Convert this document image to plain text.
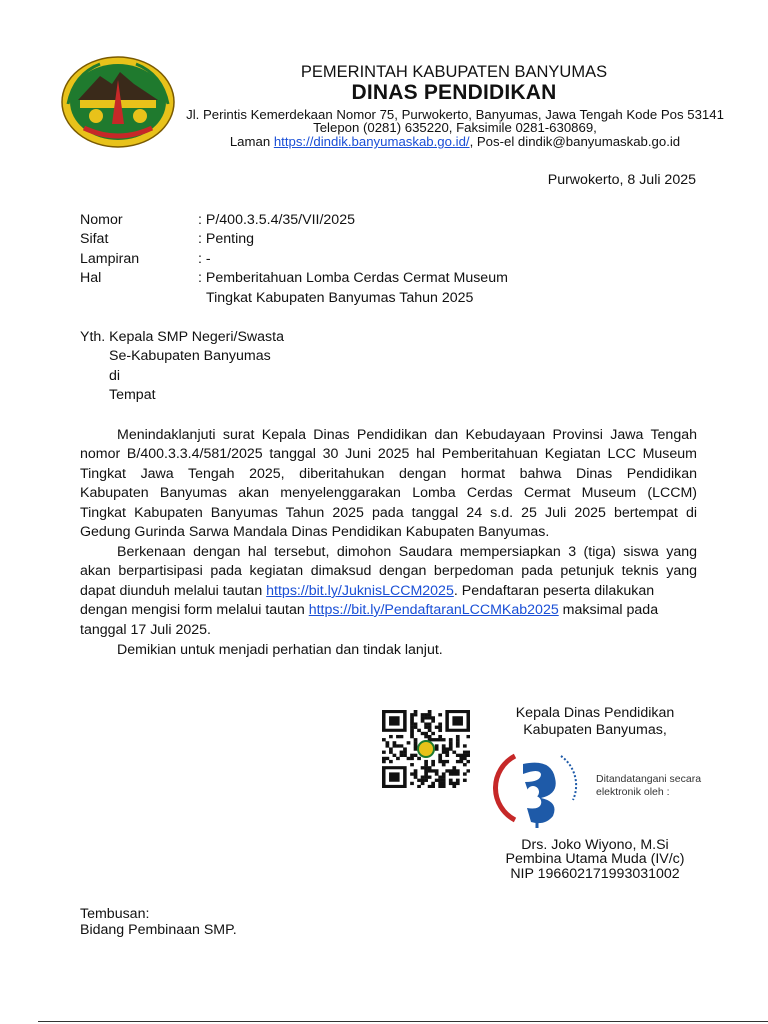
PEMERINTAH KABUPATEN BANYUMAS
DINAS PENDIDIKAN
Jl. Perintis Kemerdekaan Nomor 75, Purwokerto, Banyumas, Jawa Tengah Kode Pos 53141
Telepon (0281) 635220, Faksimile 0281-630869,
Laman https://dindik.banyumaskab.go.id/, Pos-el dindik@banyumaskab.go.id
Purwokerto, 8 Juli 2025
Nomor	: P/400.3.5.4/35/VII/2025
Sifat	: Penting
Lampiran	: -
Hal	: Pemberitahuan Lomba Cerdas Cermat Museum
Tingkat Kabupaten Banyumas Tahun 2025
Yth. Kepala SMP Negeri/Swasta
Se-Kabupaten Banyumas
di
Tempat
Menindaklanjuti surat Kepala Dinas Pendidikan dan Kebudayaan Provinsi Jawa Tengah
nomor B/400.3.3.4/581/2025 tanggal 30 Juni 2025 hal Pemberitahuan Kegiatan LCC Museum
Tingkat Jawa Tengah 2025, diberitahukan dengan hormat bahwa Dinas Pendidikan
Kabupaten Banyumas akan menyelenggarakan Lomba Cerdas Cermat Museum (LCCM)
Tingkat Kabupaten Banyumas Tahun 2025 pada tanggal 24 s.d. 25 Juli 2025 bertempat di
Gedung Gurinda Sarwa Mandala Dinas Pendidikan Kabupaten Banyumas.
Berkenaan dengan hal tersebut, dimohon Saudara mempersiapkan 3 (tiga) siswa yang
akan berpartisipasi pada kegiatan dimaksud dengan berpedoman pada petunjuk teknis yang
dapat diunduh melalui tautan https://bit.ly/JuknisLCCM2025. Pendaftaran peserta dilakukan
dengan mengisi form melalui tautan https://bit.ly/PendaftaranLCCMKab2025 maksimal pada
tanggal 17 Juli 2025.
Demikian untuk menjadi perhatian dan tindak lanjut.
Kepala Dinas Pendidikan
Kabupaten Banyumas,
Ditandatangani secara
elektronik oleh :
Drs. Joko Wiyono, M.Si
Pembina Utama Muda (IV/c)
NIP 196602171993031002
Tembusan:
Bidang Pembinaan SMP.
